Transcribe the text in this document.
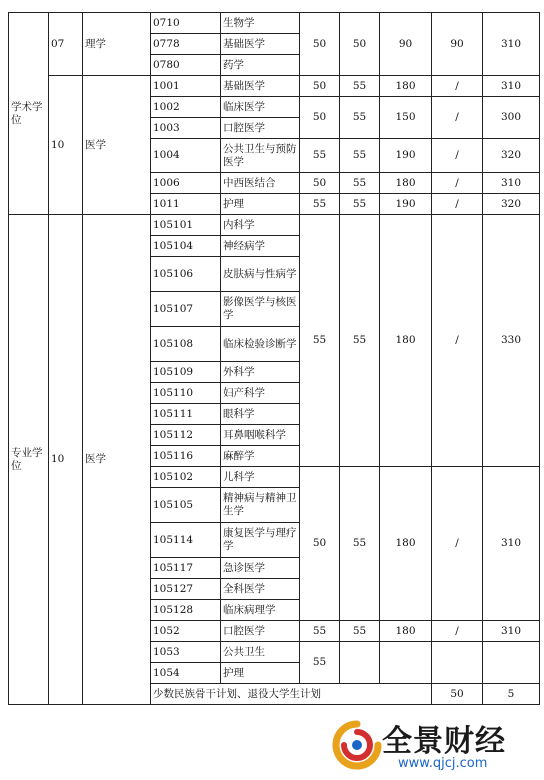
学术学位	07	理学	0710	生物学	50	50	90	90	310	
			0778	基础医学						
			0780	药学						
	10	医学	1001	基础医学	50	55	180	/	310	
			1002	临床医学	50	55	150	/	300	
			1003	口腔医学						
			1004	公共卫生与预防医学	55	55	190	/	320	
			1006	中西医结合	50	55	180	/	310	
			1011	护理	55	55	190	/	320	
专业学位	10	医学	105101	内科学	55	55	180	/	330	
			105104	神经病学						
			105106	皮肤病与性病学						
			105107	影像医学与核医学						
			105108	临床检验诊断学						
			105109	外科学						
			105110	妇产科学						
			105111	眼科学						
			105112	耳鼻咽喉科学						
			105116	麻醉学						
			105102	儿科学	50	55	180	/	310	
			105105	精神病与精神卫生学						
			105114	康复医学与理疗学						
			105117	急诊医学						
			105127	全科医学						
			105128	临床病理学						
			1052	口腔医学	55	55	180	/	310	
			1053	公共卫生	55					
			1054	护理						
			少数民族骨干计划、退役大学生计划					50	5			
全景财经
www.qjcj.com
